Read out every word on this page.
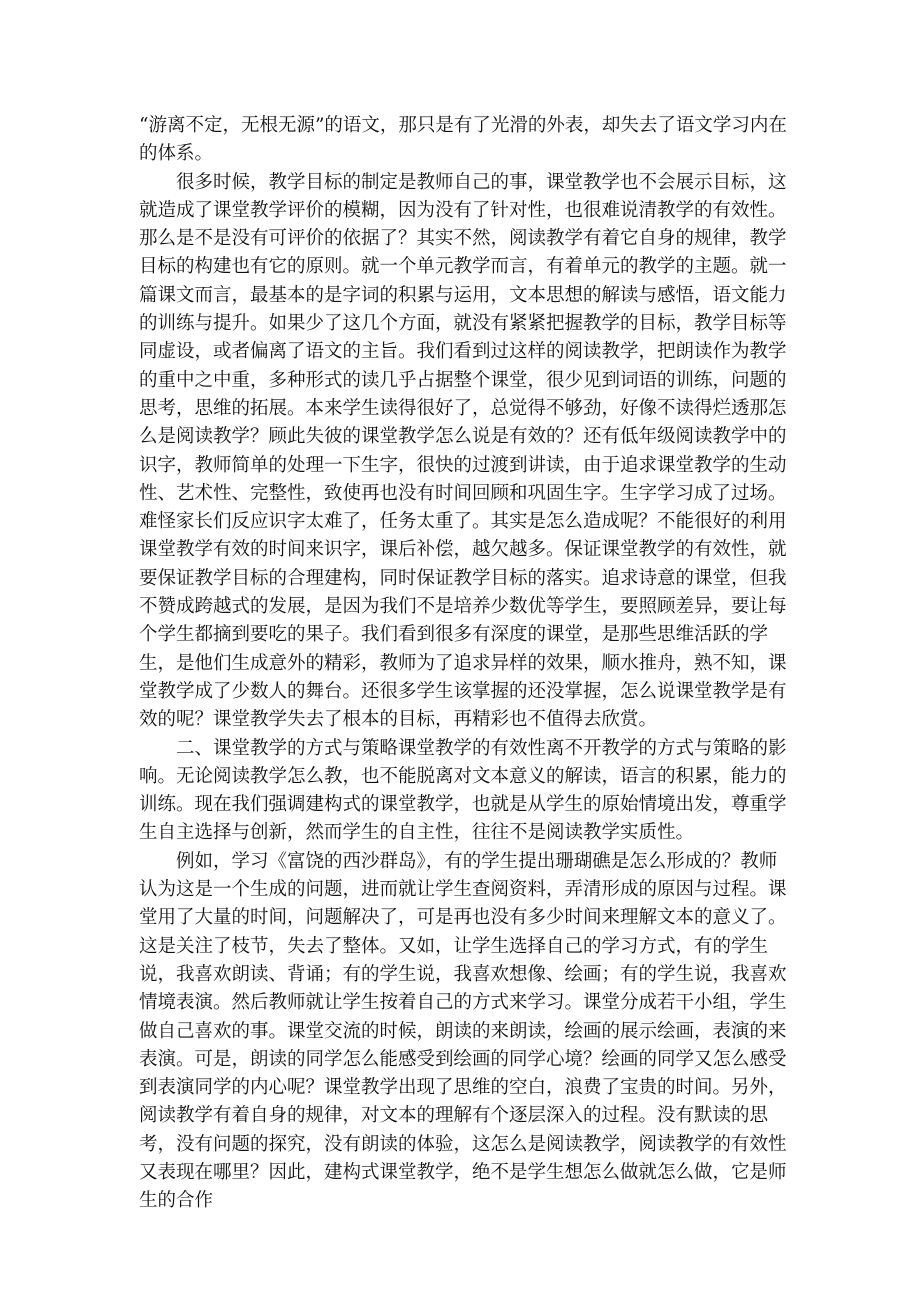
“游离不定，无根无源”的语文，那只是有了光滑的外表，却失去了语文学习内在的体系。

很多时候，教学目标的制定是教师自己的事，课堂教学也不会展示目标，这就造成了课堂教学评价的模糊，因为没有了针对性，也很难说清教学的有效性。那么是不是没有可评价的依据了？其实不然，阅读教学有着它自身的规律，教学目标的构建也有它的原则。就一个单元教学而言，有着单元的教学的主题。就一篇课文而言，最基本的是字词的积累与运用，文本思想的解读与感悟，语文能力的训练与提升。如果少了这几个方面，就没有紧紧把握教学的目标，教学目标等同虚设，或者偏离了语文的主旨。我们看到过这样的阅读教学，把朗读作为教学的重中之中重，多种形式的读几乎占据整个课堂，很少见到词语的训练，问题的思考，思维的拓展。本来学生读得很好了，总觉得不够劲，好像不读得烂透那怎么是阅读教学？顾此失彼的课堂教学怎么说是有效的？还有低年级阅读教学中的识字，教师简单的处理一下生字，很快的过渡到讲读，由于追求课堂教学的生动性、艺术性、完整性，致使再也没有时间回顾和巩固生字。生字学习成了过场。难怪家长们反应识字太难了，任务太重了。其实是怎么造成呢？不能很好的利用课堂教学有效的时间来识字，课后补偿，越欠越多。保证课堂教学的有效性，就要保证教学目标的合理建构，同时保证教学目标的落实。追求诗意的课堂，但我不赞成跨越式的发展，是因为我们不是培养少数优等学生，要照顾差异，要让每个学生都摘到要吃的果子。我们看到很多有深度的课堂，是那些思维活跃的学生，是他们生成意外的精彩，教师为了追求异样的效果，顺水推舟，熟不知，课堂教学成了少数人的舞台。还很多学生该掌握的还没掌握，怎么说课堂教学是有效的呢？课堂教学失去了根本的目标，再精彩也不值得去欣赏。

二、课堂教学的方式与策略课堂教学的有效性离不开教学的方式与策略的影响。无论阅读教学怎么教，也不能脱离对文本意义的解读，语言的积累，能力的训练。现在我们强调建构式的课堂教学，也就是从学生的原始情境出发，尊重学生自主选择与创新，然而学生的自主性，往往不是阅读教学实质性。

例如，学习《富饶的西沙群岛》，有的学生提出珊瑚礁是怎么形成的？教师认为这是一个生成的问题，进而就让学生查阅资料，弄清形成的原因与过程。课堂用了大量的时间，问题解决了，可是再也没有多少时间来理解文本的意义了。这是关注了枝节，失去了整体。又如，让学生选择自己的学习方式，有的学生说，我喜欢朗读、背诵；有的学生说，我喜欢想像、绘画；有的学生说，我喜欢情境表演。然后教师就让学生按着自己的方式来学习。课堂分成若干小组，学生做自己喜欢的事。课堂交流的时候，朗读的来朗读，绘画的展示绘画，表演的来表演。可是，朗读的同学怎么能感受到绘画的同学心境？绘画的同学又怎么感受到表演同学的内心呢？课堂教学出现了思维的空白，浪费了宝贵的时间。另外，阅读教学有着自身的规律，对文本的理解有个逐层深入的过程。没有默读的思考，没有问题的探究，没有朗读的体验，这怎么是阅读教学，阅读教学的有效性又表现在哪里？因此，建构式课堂教学，绝不是学生想怎么做就怎么做，它是师生的合作
